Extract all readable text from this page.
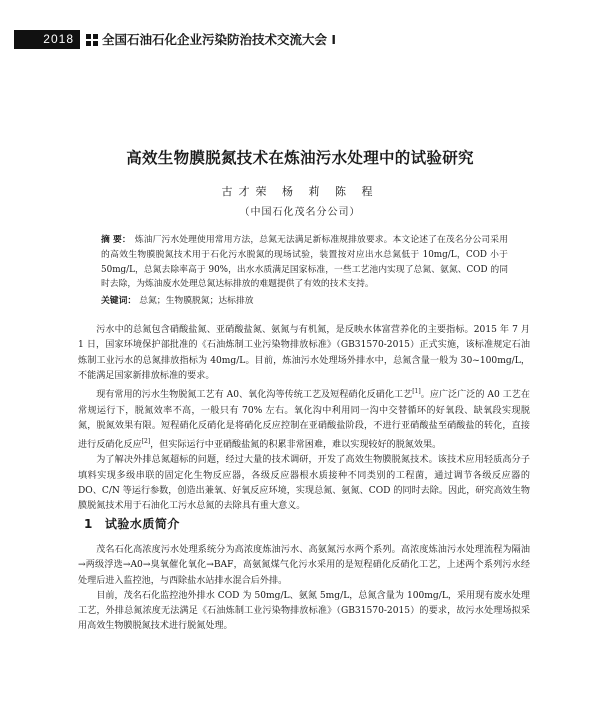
2018	全国石油石化企业污染防治技术交流大会 I
高效生物膜脱氮技术在炼油污水处理中的试验研究
古才荣 杨 莉 陈 程
（中国石化茂名分公司）
摘 要： 炼油厂污水处理使用常用方法，总氮无法满足新标准规排放要求。本文论述了在茂名分公司采用的高效生物膜脱氮技术用于石化污水脱氮的现场试验，装置按对应出水总氮低于 10mg/L，COD 小于 50mg/L，总氮去除率高于 90%，出水水质满足国家标准，一些工艺池内实现了总氮、氨氮、COD 的同时去除，为炼油废水处理总氮达标排放的难题提供了有效的技术支持。
关键词： 总氮；生物膜脱氮；达标排放

污水中的总氮包含硝酸盐氮、亚硝酸盐氮、氨氮与有机氮，是反映水体富营养化的主要指标。2015 年 7 月 1 日，国家环境保护部批准的《石油炼制工业污染物排放标准》（GB31570-2015）正式实施，该标准规定石油炼制工业污水的总氮排放指标为 40mg/L。目前，炼油污水处理场外排水中，总氮含量一般为 30~100mg/L，不能满足国家新排放标准的要求。

现有常用的污水生物脱氮工艺有 A0、氧化沟等传统工艺及短程硝化反硝化工艺[1]。应广泛广泛的 A0 工艺在常规运行下，脱氮效率不高，一般只有 70% 左右。氧化沟中利用同一沟中交替循环的好氧段、缺氧段实现脱氮，脱氮效果有限。短程硝化反硝化是将硝化反应控制在亚硝酸盐阶段，不进行亚硝酸盐至硝酸盐的转化，直接进行反硝化反应[2]，但实际运行中亚硝酸盐氮的积累非常困难，难以实现较好的脱氮效果。

为了解决外排总氮超标的问题，经过大量的技术调研，开发了高效生物膜脱氮技术。该技术应用轻质高分子填料实现多级串联的固定化生物反应器，各级反应器根水质接种不同类别的工程菌，通过调节各级反应器的 DO、C/N 等运行参数，创造出兼氧、好氧反应环境，实现总氮、氨氮、COD 的同时去除。因此，研究高效生物膜脱氮技术用于石油化工污水总氮的去除具有重大意义。

1 试验水质简介

茂名石化高浓度污水处理系统分为高浓度炼油污水、高氨氮污水两个系列。高浓度炼油污水处理流程为隔油→两级浮选→A0→臭氧催化氧化→BAF，高氨氮煤气化污水采用的是短程硝化反硝化工艺，上述两个系列污水经处理后进入监控池，与西除盐水站排水混合后外排。

目前，茂名石化监控池外排水 COD 为 50mg/L、氨氮 5mg/L，总氮含量为 100mg/L，采用现有废水处理工艺，外排总氮浓度无法满足《石油炼制工业污染物排放标准》（GB31570-2015）的要求，故污水处理场拟采用高效生物膜脱氮技术进行脱氮处理。
